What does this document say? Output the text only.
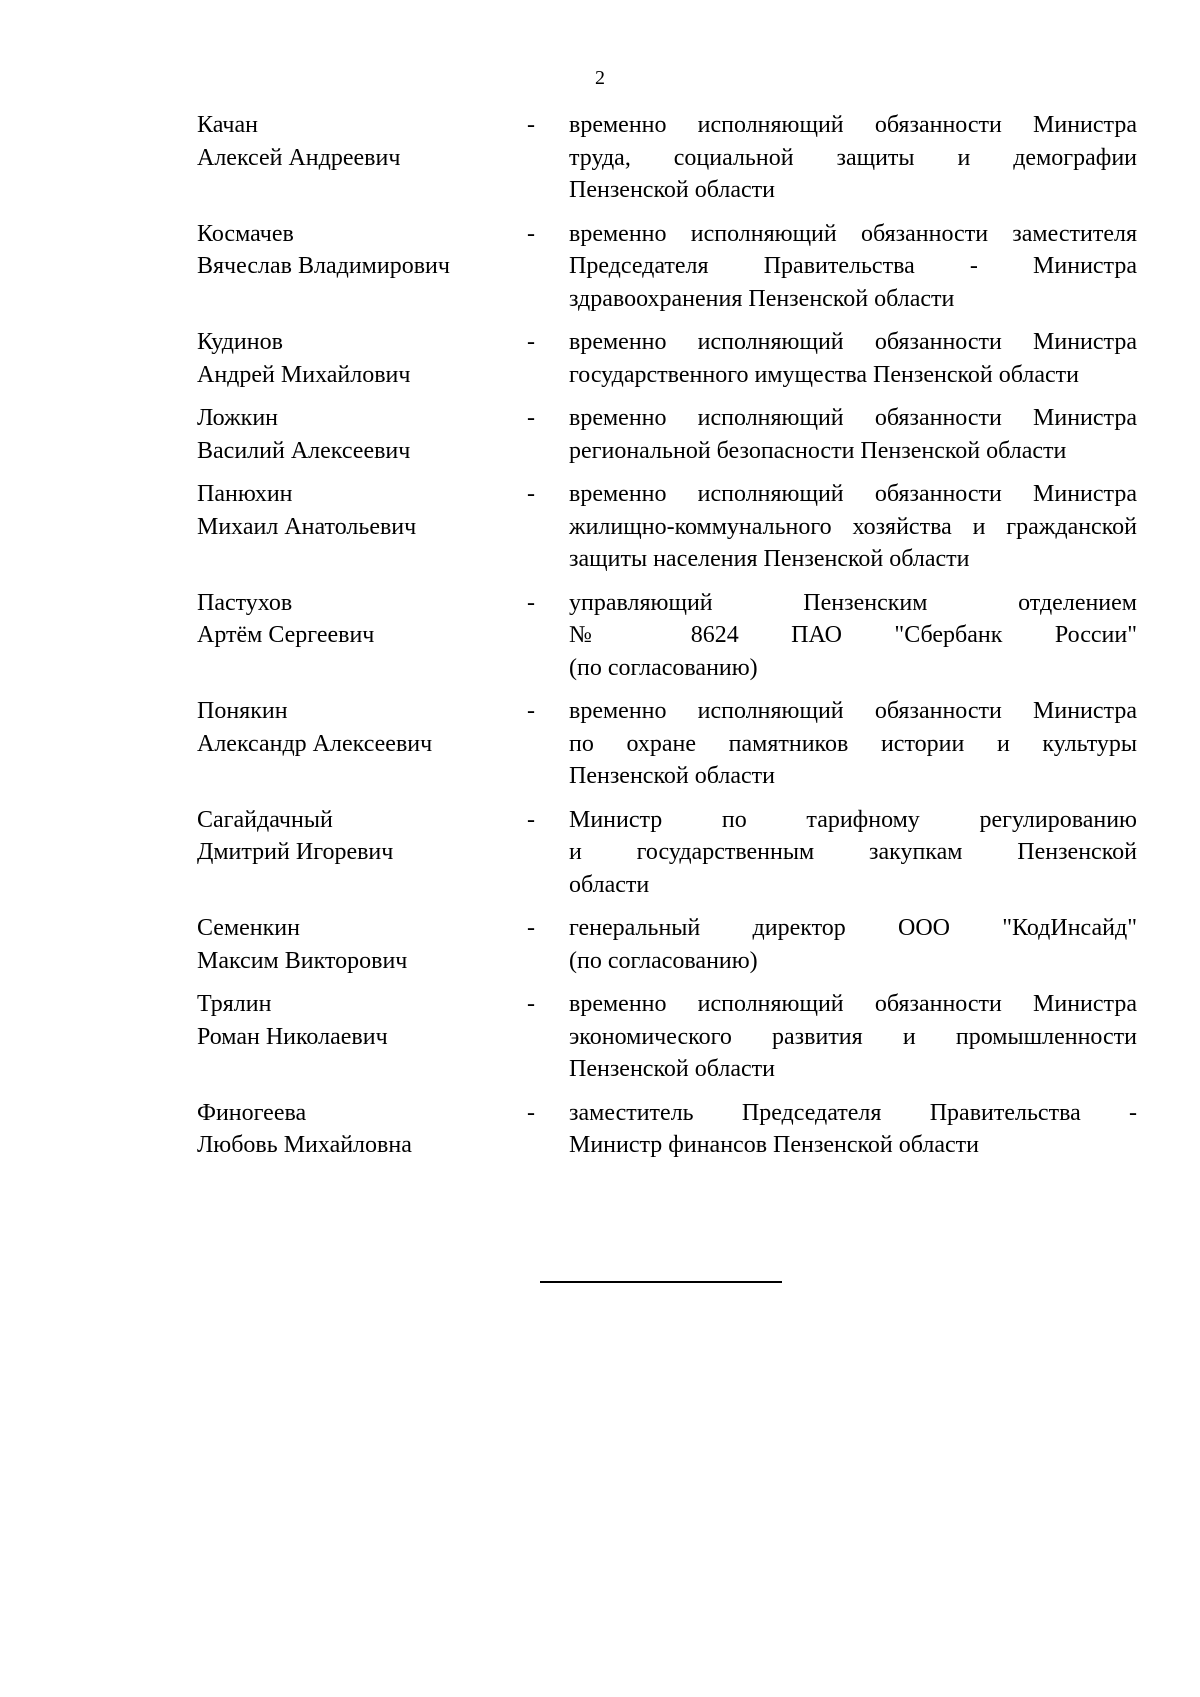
2
Качан
Алексей Андреевич
-	временно исполняющий обязанности Министра
труда, социальной защиты и демографии
Пензенской области
Космачев
Вячеслав Владимирович
-	временно исполняющий обязанности заместителя
Председателя Правительства - Министра
здравоохранения Пензенской области
Кудинов
Андрей Михайлович
-	временно исполняющий обязанности Министра
государственного имущества Пензенской области
Ложкин
Василий Алексеевич
-	временно исполняющий обязанности Министра
региональной безопасности Пензенской области
Панюхин
Михаил Анатольевич
-	временно исполняющий обязанности Министра
жилищно-коммунального хозяйства и гражданской
защиты населения Пензенской области
Пастухов
Артём Сергеевич
-	управляющий Пензенским отделением
№ 8624 ПАО "Сбербанк России"
(по согласованию)
Понякин
Александр Алексеевич
-	временно исполняющий обязанности Министра
по охране памятников истории и культуры
Пензенской области
Сагайдачный
Дмитрий Игоревич
-	Министр по тарифному регулированию
и государственным закупкам Пензенской
области
Семенкин
Максим Викторович
-	генеральный директор ООО "КодИнсайд"
(по согласованию)
Трялин
Роман Николаевич
-	временно исполняющий обязанности Министра
экономического развития и промышленности
Пензенской области
Финогеева
Любовь Михайловна
-	заместитель Председателя Правительства -
Министр финансов Пензенской области
